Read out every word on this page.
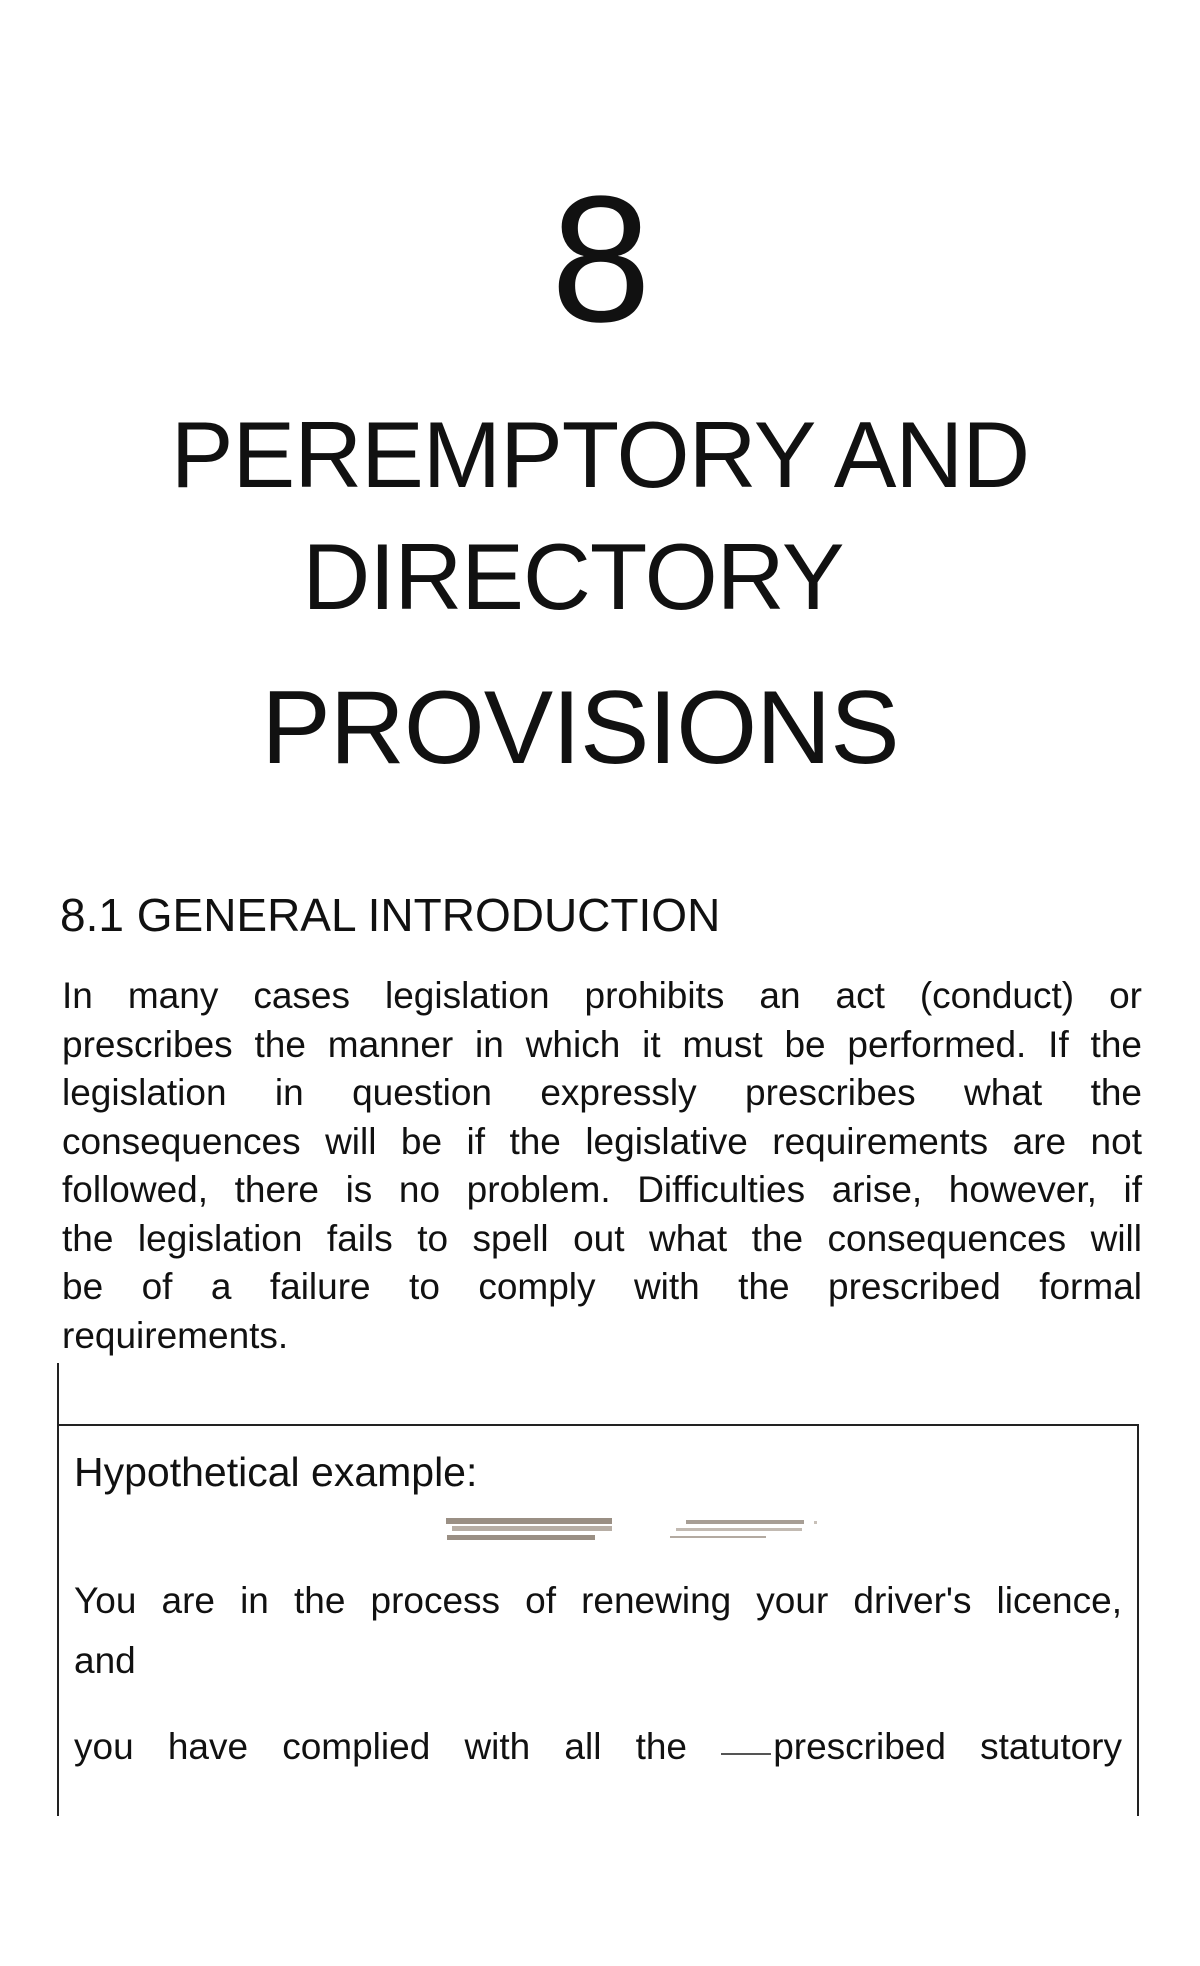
8
PEREMPTORY AND
DIRECTORY
PROVISIONS
8.1 GENERAL INTRODUCTION
In many cases legislation prohibits an act (conduct) or
prescribes the manner in which it must be performed. If the
legislation in question expressly prescribes what the
consequences will be if the legislative requirements are not
followed, there is no problem. Difficulties arise, however, if
the legislation fails to spell out what the consequences will
be of a failure to comply with the prescribed formal
requirements.
Hypothetical example:
You are in the process of renewing your driver's licence,
and
you have complied with all the prescribed statutory
